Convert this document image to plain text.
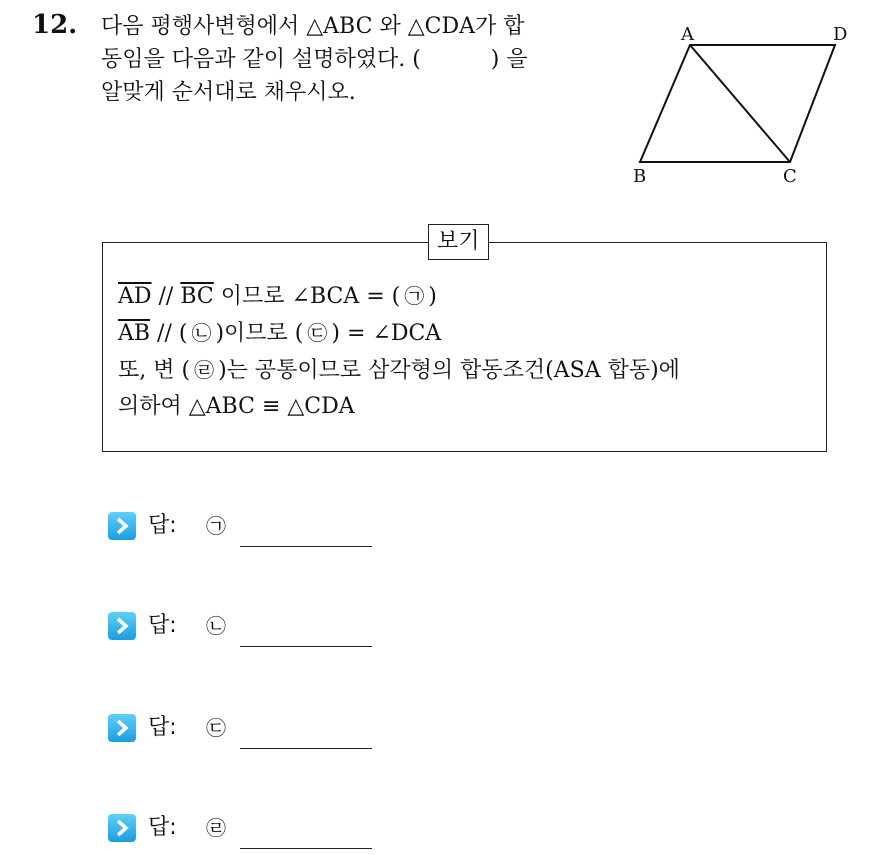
12. 다음 평행사변형에서 △ABC 와 △CDA가 합
동임을 다음과 같이 설명하였다. (          ) 을
알맞게 순서대로 채우시오.
A	D
B	C
보기
$\overline{AD} // \overline{BC}$ 이므로 ∠BCA = ( ㉠ )
$\overline{AB}$ // ( ㉡ )이므로 ( ㉢ ) = ∠DCA
또, 변 ( ㉣ )는 공통이므로 삼각형의 합동조건(ASA 합동)에
의하여 △ABC ≡ △CDA
답: ㉠
답: ㉡
답: ㉢
답: ㉣
